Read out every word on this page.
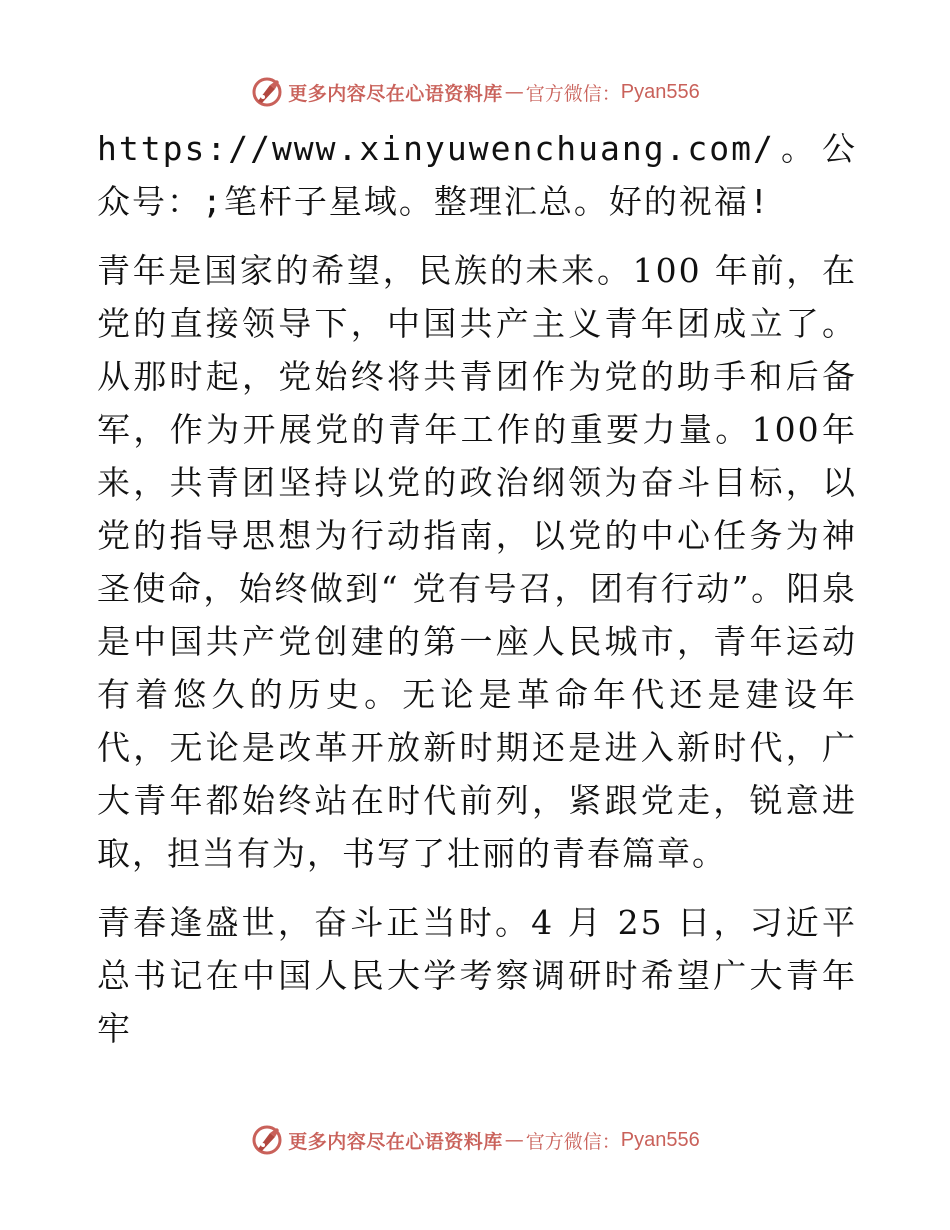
更多内容尽在心语资料库 — 官方微信： Pyan556

https://www.xinyuwenchuang.com/。公众号：;笔杆子星域。整理汇总。好的祝福!

青年是国家的希望，民族的未来。100 年前，在党的直接领导下，中国共产主义青年团成立了。从那时起，党始终将共青团作为党的助手和后备军，作为开展党的青年工作的重要力量。100年来，共青团坚持以党的政治纲领为奋斗目标，以党的指导思想为行动指南，以党的中心任务为神圣使命，始终做到“ 党有号召，团有行动”。阳泉是中国共产党创建的第一座人民城市，青年运动有着悠久的历史。无论是革命年代还是建设年代，无论是改革开放新时期还是进入新时代，广大青年都始终站在时代前列，紧跟党走，锐意进取，担当有为，书写了壮丽的青春篇章。

青春逢盛世，奋斗正当时。4 月 25 日，习近平总书记在中国人民大学考察调研时希望广大青年牢

更多内容尽在心语资料库 — 官方微信： Pyan556
